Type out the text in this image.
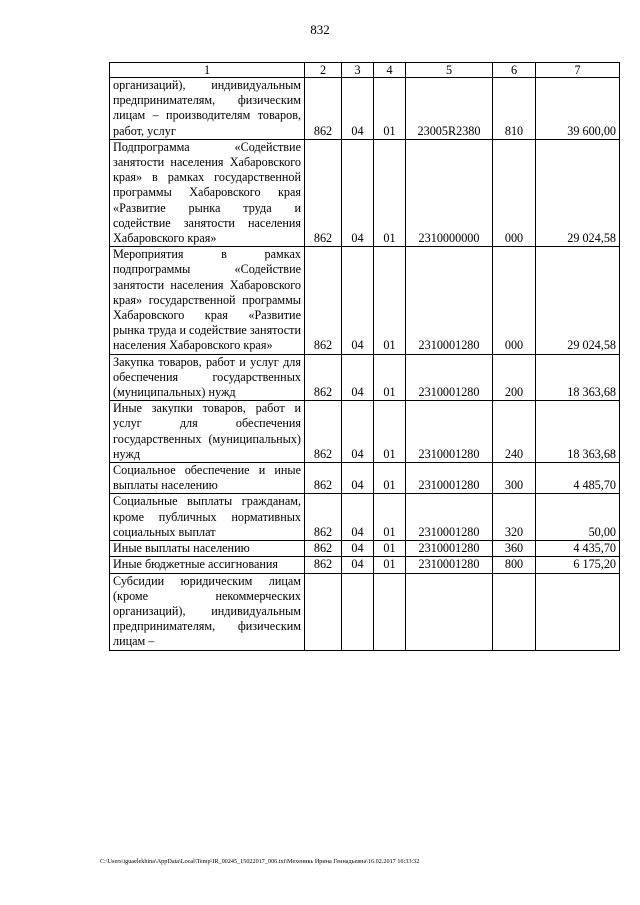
832
1	2	3	4	5	6	7
организаций), индивидуальным предпринимателям, физическим лицам – производителям товаров, работ, услуг	862	04	01	23005R2380	810	39 600,00
Подпрограмма «Содействие занятости населения Хабаровского края» в рамках государственной программы Хабаровского края «Развитие рынка труда и содействие занятости населения Хабаровского края»	862	04	01	2310000000	000	29 024,58
Мероприятия в рамках подпрограммы «Содействие занятости населения Хабаровского края» государственной программы Хабаровского края «Развитие рынка труда и содействие занятости населения Хабаровского края»	862	04	01	2310001280	000	29 024,58
Закупка товаров, работ и услуг для обеспечения государственных (муниципальных) нужд	862	04	01	2310001280	200	18 363,68
Иные закупки товаров, работ и услуг для обеспечения государственных (муниципальных) нужд	862	04	01	2310001280	240	18 363,68
Социальное обеспечение и иные выплаты населению	862	04	01	2310001280	300	4 485,70
Социальные выплаты гражданам, кроме публичных нормативных социальных выплат	862	04	01	2310001280	320	50,00
Иные выплаты населению	862	04	01	2310001280	360	4 435,70
Иные бюджетные ассигнования	862	04	01	2310001280	800	6 175,20
Субсидии юридическим лицам (кроме некоммерческих организаций), индивидуальным предпринимателям, физическим лицам –						
C:\Users\iguaelekhina\AppData\Local\Temp\IR_00245_15022017_006.txt\Мехеникь Ирина Геннадьевна\16.02.2017 16:33:32
